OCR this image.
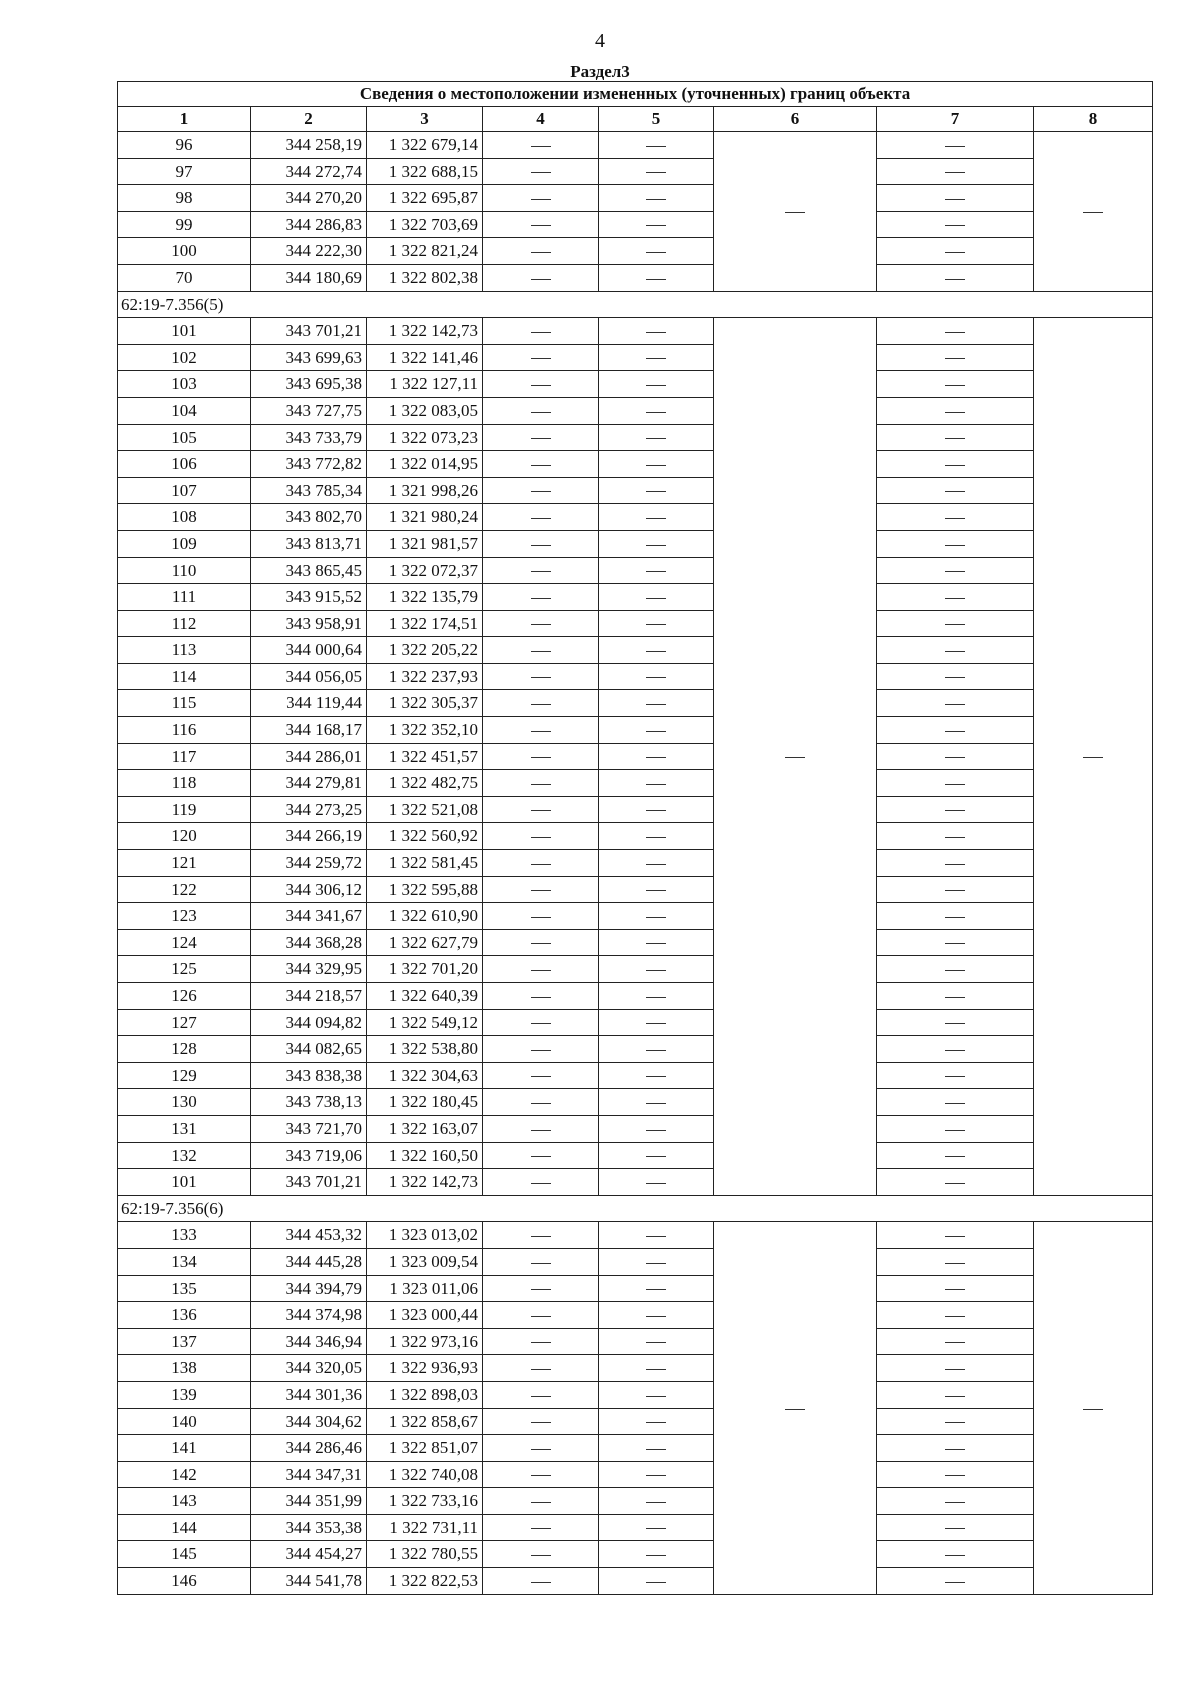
4
Раздел3
Сведения о местоположении измененных (уточненных) границ объекта							
1	2	3	4	5	6	7	8
96	344 258,19	1 322 679,14					
97	344 272,74	1 322 688,15					
98	344 270,20	1 322 695,87					
99	344 286,83	1 322 703,69					
100	344 222,30	1 322 821,24					
70	344 180,69	1 322 802,38					
62:19-7.356(5)							
101	343 701,21	1 322 142,73					
102	343 699,63	1 322 141,46					
103	343 695,38	1 322 127,11					
104	343 727,75	1 322 083,05					
105	343 733,79	1 322 073,23					
106	343 772,82	1 322 014,95					
107	343 785,34	1 321 998,26					
108	343 802,70	1 321 980,24					
109	343 813,71	1 321 981,57					
110	343 865,45	1 322 072,37					
111	343 915,52	1 322 135,79					
112	343 958,91	1 322 174,51					
113	344 000,64	1 322 205,22					
114	344 056,05	1 322 237,93					
115	344 119,44	1 322 305,37					
116	344 168,17	1 322 352,10					
117	344 286,01	1 322 451,57					
118	344 279,81	1 322 482,75					
119	344 273,25	1 322 521,08					
120	344 266,19	1 322 560,92					
121	344 259,72	1 322 581,45					
122	344 306,12	1 322 595,88					
123	344 341,67	1 322 610,90					
124	344 368,28	1 322 627,79					
125	344 329,95	1 322 701,20					
126	344 218,57	1 322 640,39					
127	344 094,82	1 322 549,12					
128	344 082,65	1 322 538,80					
129	343 838,38	1 322 304,63					
130	343 738,13	1 322 180,45					
131	343 721,70	1 322 163,07					
132	343 719,06	1 322 160,50					
101	343 701,21	1 322 142,73					
62:19-7.356(6)							
133	344 453,32	1 323 013,02					
134	344 445,28	1 323 009,54					
135	344 394,79	1 323 011,06					
136	344 374,98	1 323 000,44					
137	344 346,94	1 322 973,16					
138	344 320,05	1 322 936,93					
139	344 301,36	1 322 898,03					
140	344 304,62	1 322 858,67					
141	344 286,46	1 322 851,07					
142	344 347,31	1 322 740,08					
143	344 351,99	1 322 733,16					
144	344 353,38	1 322 731,11					
145	344 454,27	1 322 780,55					
146	344 541,78	1 322 822,53					
